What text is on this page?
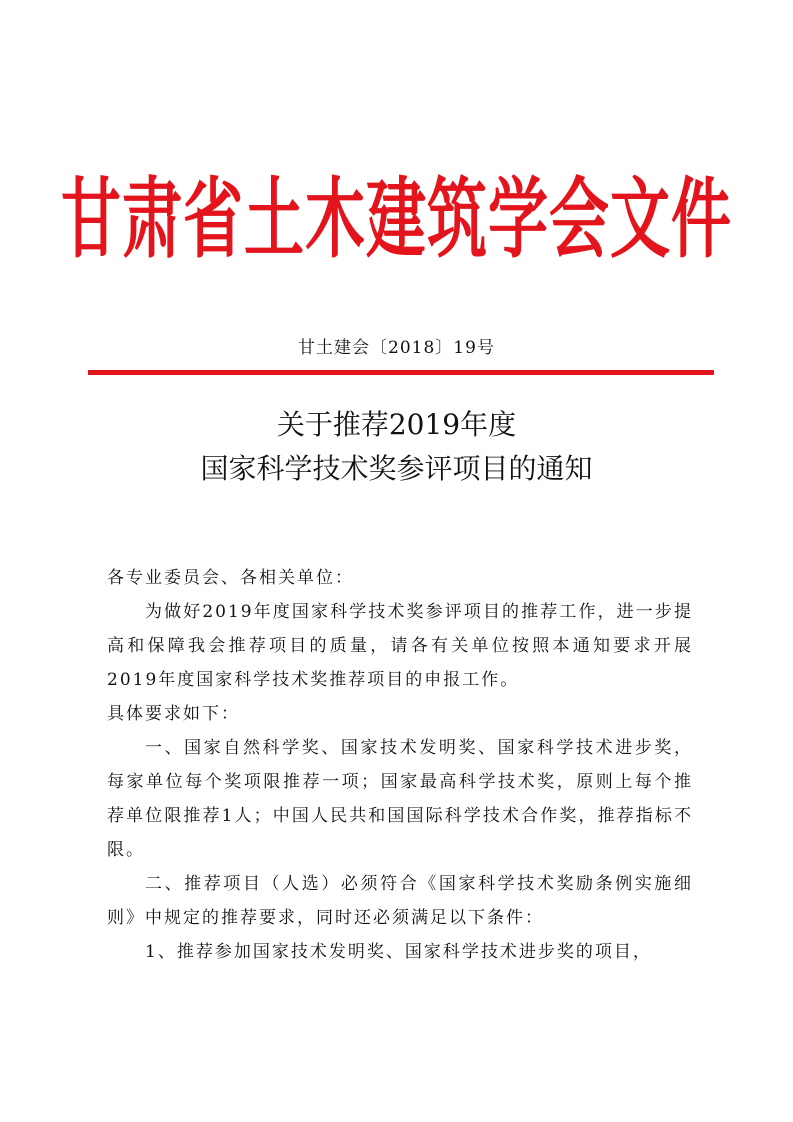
甘肃省土木建筑学会文件
甘土建会〔2018〕19号
关于推荐2019年度
国家科学技术奖参评项目的通知

各专业委员会、各相关单位：

为做好2019年度国家科学技术奖参评项目的推荐工作，进一步提高和保障我会推荐项目的质量，请各有关单位按照本通知要求开展2019年度国家科学技术奖推荐项目的申报工作。

具体要求如下：

一、国家自然科学奖、国家技术发明奖、国家科学技术进步奖，每家单位每个奖项限推荐一项；国家最高科学技术奖，原则上每个推荐单位限推荐1人；中国人民共和国国际科学技术合作奖，推荐指标不限。

二、推荐项目（人选）必须符合《国家科学技术奖励条例实施细则》中规定的推荐要求，同时还必须满足以下条件：

1、推荐参加国家技术发明奖、国家科学技术进步奖的项目，
